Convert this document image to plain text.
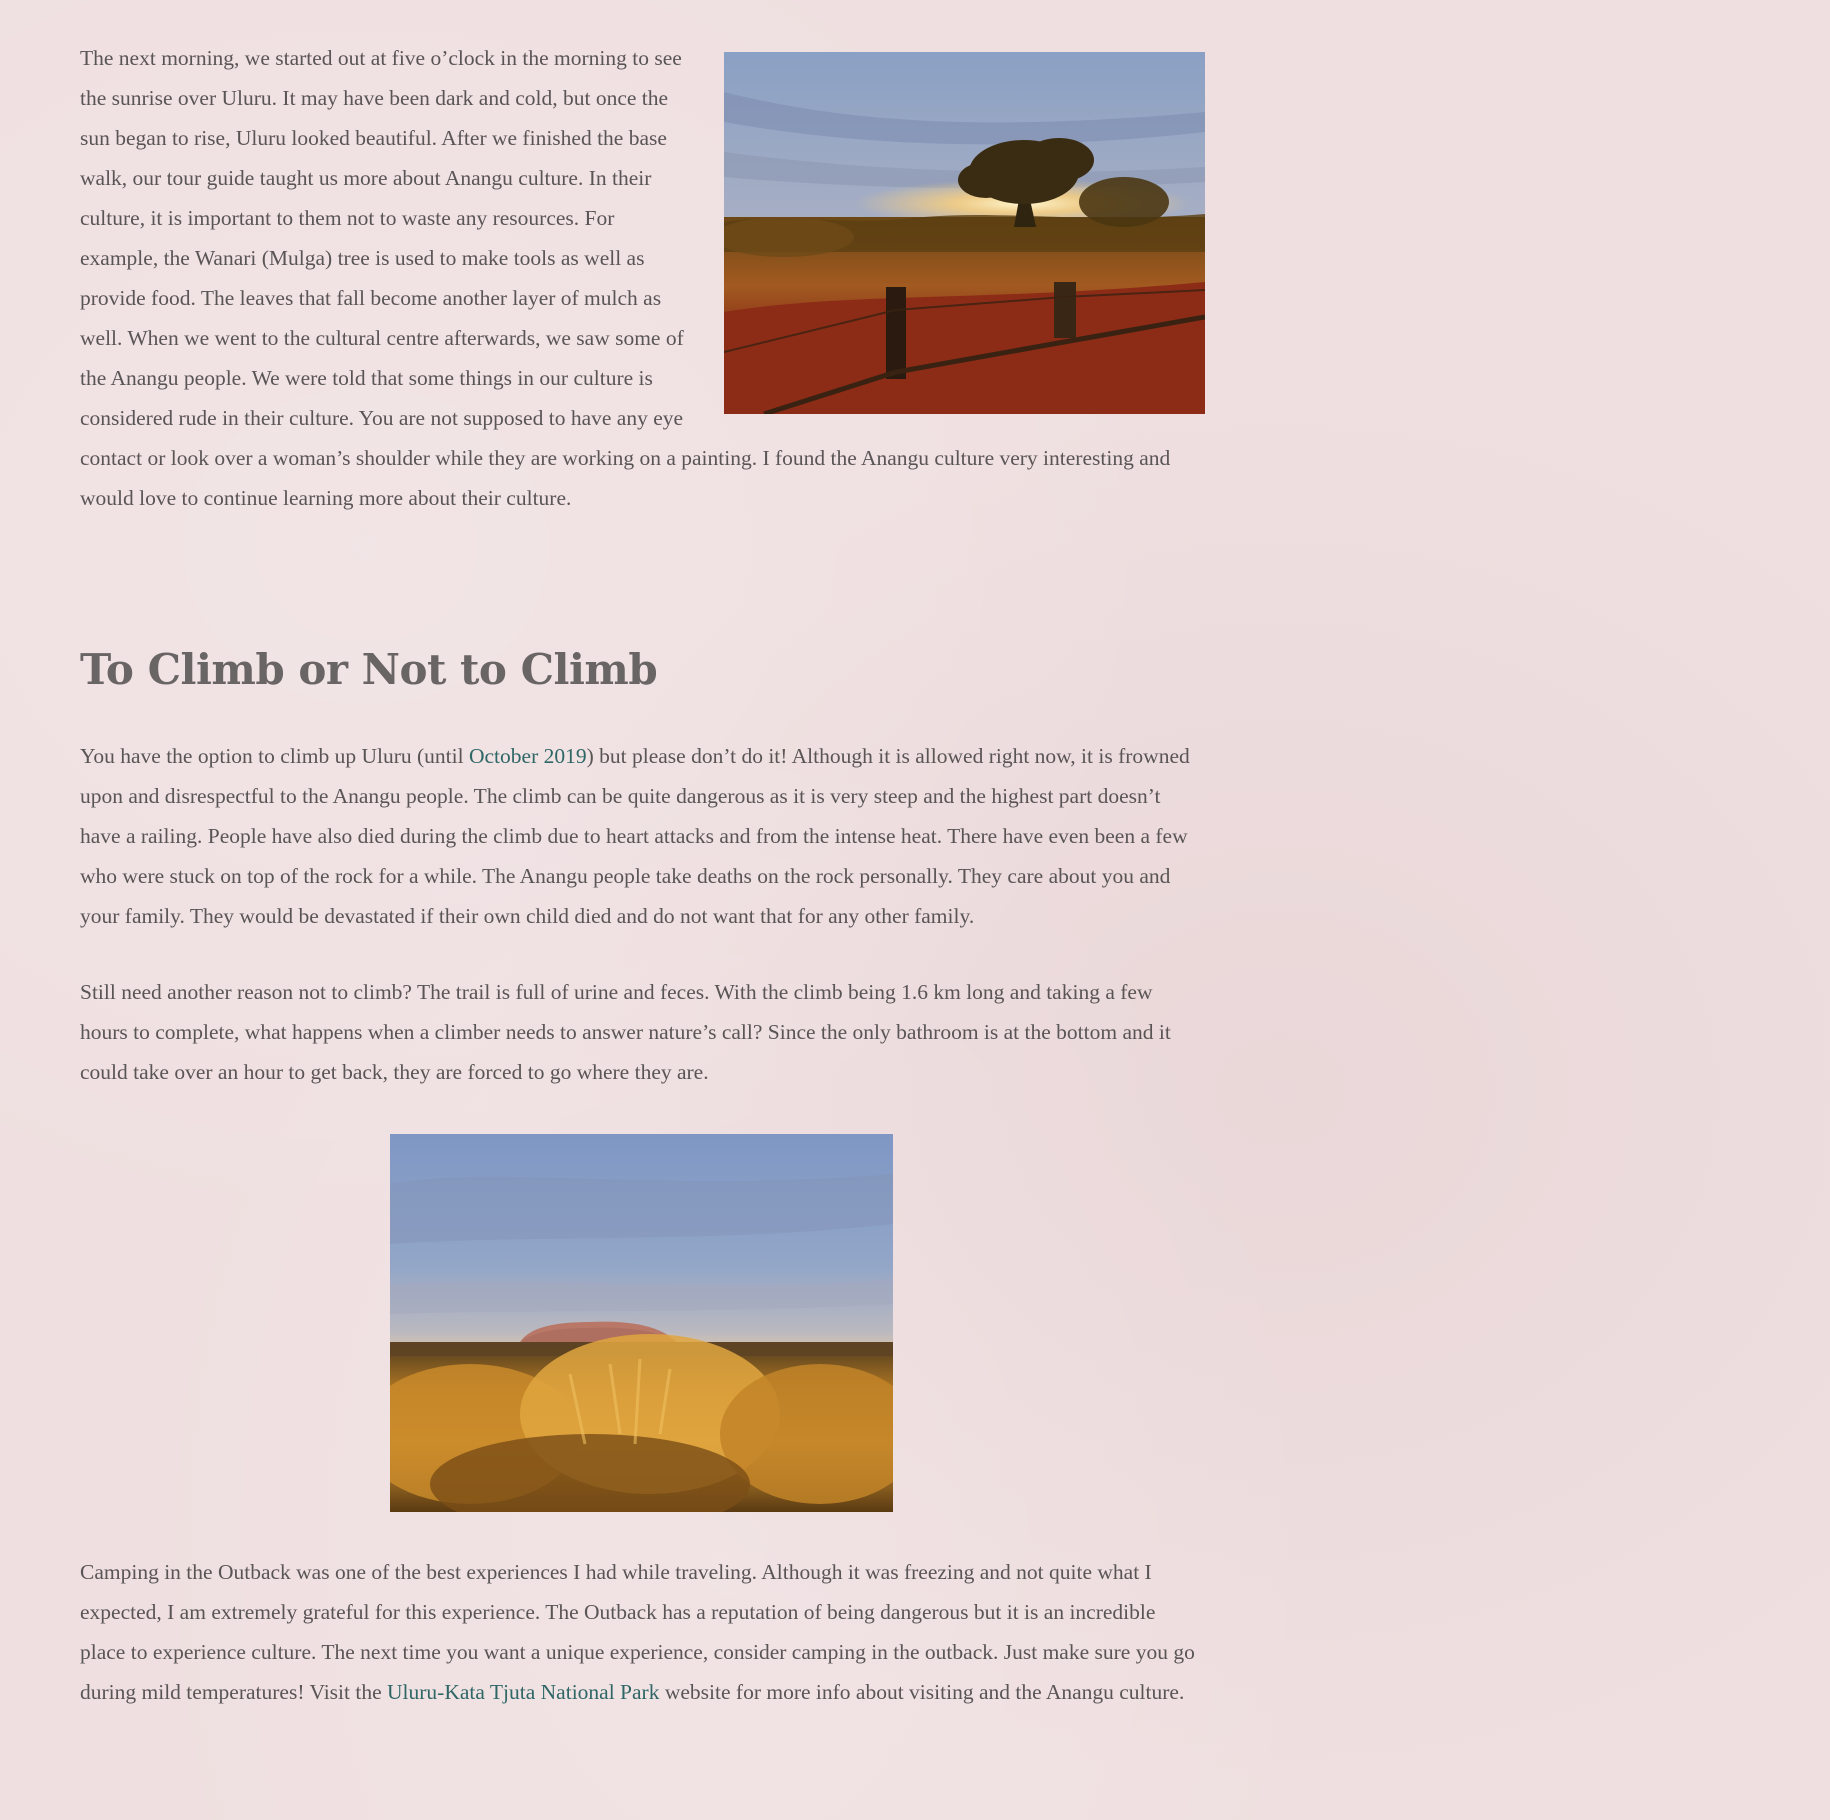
The next morning, we started out at five o’clock in the morning to see the sunrise over Uluru. It may have been dark and cold, but once the sun began to rise, Uluru looked beautiful. After we finished the base walk, our tour guide taught us more about Anangu culture. In their culture, it is important to them not to waste any resources. For example, the Wanari (Mulga) tree is used to make tools as well as provide food. The leaves that fall become another layer of mulch as well. When we went to the cultural centre afterwards, we saw some of the Anangu people. We were told that some things in our culture is considered rude in their culture. You are not supposed to have any eye contact or look over a woman’s shoulder while they are working on a painting. I found the Anangu culture very interesting and would love to continue learning more about their culture.

To Climb or Not to Climb

You have the option to climb up Uluru (until October 2019) but please don’t do it! Although it is allowed right now, it is frowned upon and disrespectful to the Anangu people. The climb can be quite dangerous as it is very steep and the highest part doesn’t have a railing. People have also died during the climb due to heart attacks and from the intense heat. There have even been a few who were stuck on top of the rock for a while. The Anangu people take deaths on the rock personally. They care about you and your family. They would be devastated if their own child died and do not want that for any other family.

Still need another reason not to climb? The trail is full of urine and feces. With the climb being 1.6 km long and taking a few hours to complete, what happens when a climber needs to answer nature’s call? Since the only bathroom is at the bottom and it could take over an hour to get back, they are forced to go where they are.

Camping in the Outback was one of the best experiences I had while traveling. Although it was freezing and not quite what I expected, I am extremely grateful for this experience. The Outback has a reputation of being dangerous but it is an incredible place to experience culture. The next time you want a unique experience, consider camping in the outback. Just make sure you go during mild temperatures! Visit the Uluru-Kata Tjuta National Park website for more info about visiting and the Anangu culture.
